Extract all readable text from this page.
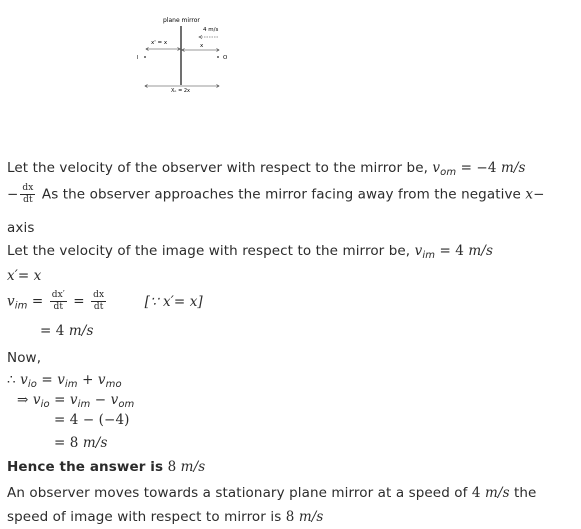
plane mirror
4 m/s
x' = x	x
I	O
Xₒ = 2x
Let the velocity of the observer with respect to the mirror be, $v_{om} = -4$ m/s
− $\frac{dx}{dt}$ As the observer approaches the mirror facing away from the negative x−
axis
Let the velocity of the image with respect to the mirror be, $v_{im} = 4$ m/s
x′= x
$v_{im} = \frac{dx'}{dt} = \frac{dx}{dt}$	[∵ x′= x]
= 4 m/s
Now,
∴ $v_{io} = v_{im} + v_{mo}$
⇒ $v_{io} = v_{im} - v_{om}$
= 4 − (−4)
= 8 m/s
Hence the answer is 8 m/s
An observer moves towards a stationary plane mirror at a speed of 4 m/s the
speed of image with respect to mirror is 8 m/s
